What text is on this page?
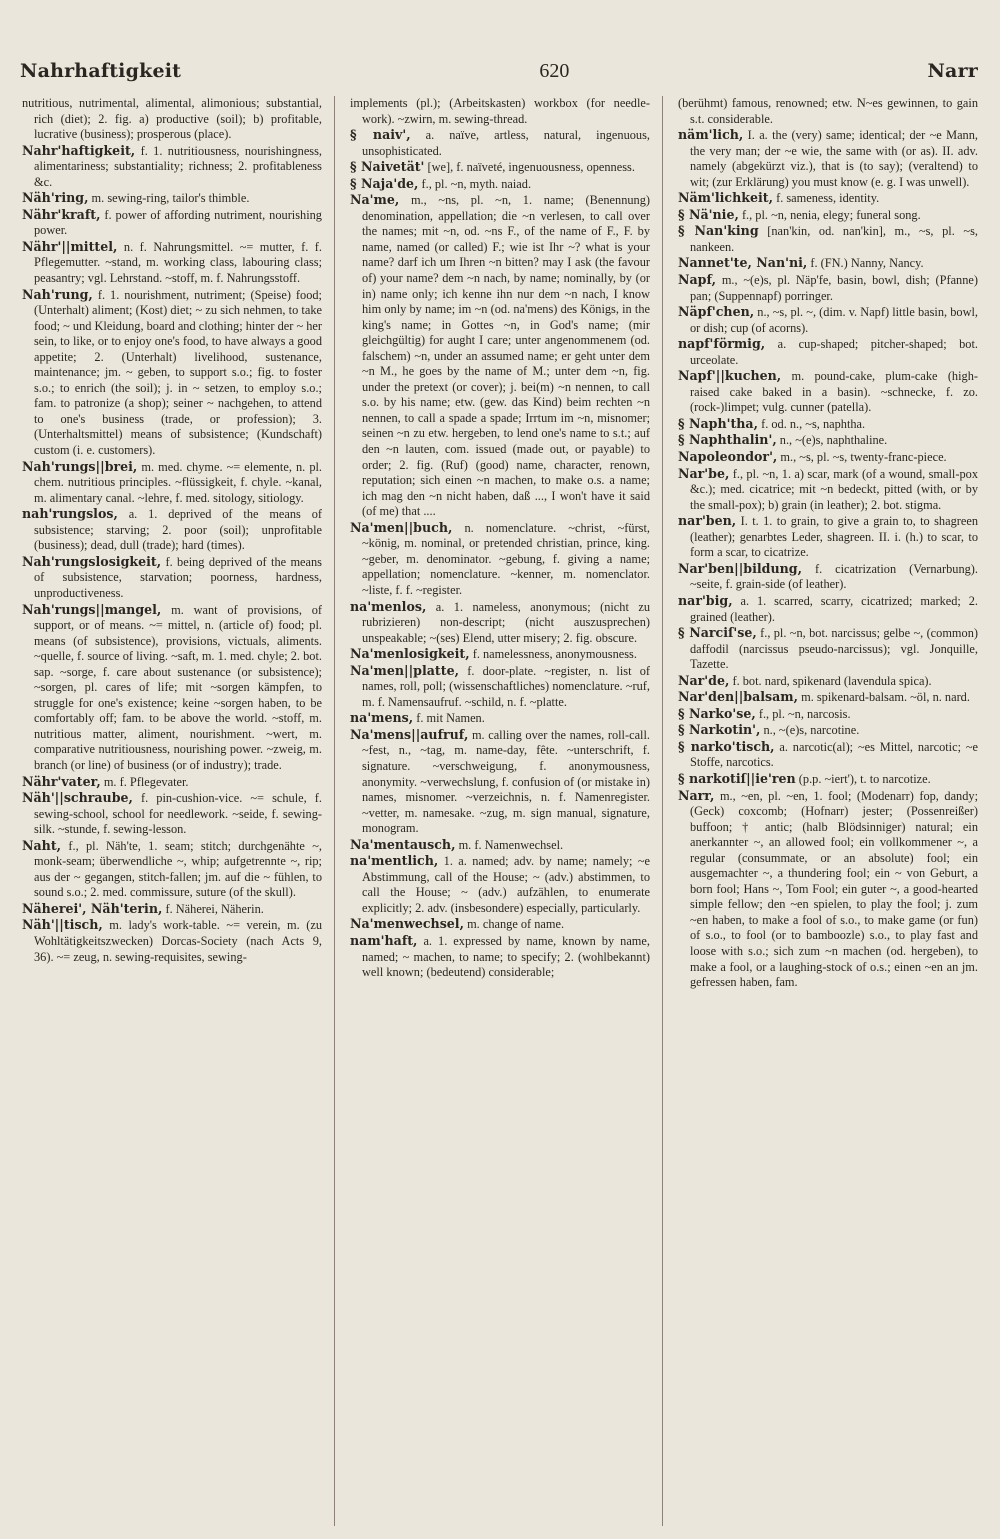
Nahrhaftigkeit	620	Narr

nutritious, nutrimental, alimental, alimonious; substantial, rich (diet); 2. fig. a) productive (soil); b) profitable, lucrative (business); prosperous (place).

Nahr'haftigkeit, f. 1. nutritiousness, nourishingness, alimentariness; substantiality; richness; 2. profitableness &c.

Näh'ring, m. sewing-ring, tailor's thimble.

Nähr'kraft, f. power of affording nutriment, nourishing power.

Nähr'||mittel, n. f. Nahrungsmittel. ~= mutter, f. f. Pflegemutter. ~stand, m. working class, labouring class; peasantry; vgl. Lehrstand. ~stoff, m. f. Nahrungsstoff.

Nah'rung, f. 1. nourishment, nutriment; (Speise) food; (Unterhalt) aliment; (Kost) diet; ~ zu sich nehmen, to take food; ~ und Kleidung, board and clothing; hinter der ~ her sein, to like, or to enjoy one's food, to have always a good appetite; 2. (Unterhalt) livelihood, sustenance, maintenance; jm. ~ geben, to support s.o.; fig. to foster s.o.; to enrich (the soil); j. in ~ setzen, to employ s.o.; fam. to patronize (a shop); seiner ~ nachgehen, to attend to one's business (trade, or profession); 3. (Unterhaltsmittel) means of subsistence; (Kundschaft) custom (i. e. customers).

Nah'rungs||brei, m. med. chyme. ~= elemente, n. pl. chem. nutritious principles. ~flüssigkeit, f. chyle. ~kanal, m. alimentary canal. ~lehre, f. med. sitology, sitiology.

nah'rungslos, a. 1. deprived of the means of subsistence; starving; 2. poor (soil); unprofitable (business); dead, dull (trade); hard (times).

Nah'rungslosigkeit, f. being deprived of the means of subsistence, starvation; poorness, hardness, unproductiveness.

Nah'rungs||mangel, m. want of provisions, of support, or of means. ~= mittel, n. (article of) food; pl. means (of subsistence), provisions, victuals, aliments. ~quelle, f. source of living. ~saft, m. 1. med. chyle; 2. bot. sap. ~sorge, f. care about sustenance (or subsistence); ~sorgen, pl. cares of life; mit ~sorgen kämpfen, to struggle for one's existence; keine ~sorgen haben, to be comfortably off; fam. to be above the world. ~stoff, m. nutritious matter, aliment, nourishment. ~wert, m. comparative nutritiousness, nourishing power. ~zweig, m. branch (or line) of business (or of industry); trade.

Nähr'vater, m. f. Pflegevater.

Näh'||schraube, f. pin-cushion-vice. ~= schule, f. sewing-school, school for needlework. ~seide, f. sewing-silk. ~stunde, f. sewing-lesson.

Naht, f., pl. Näh'te, 1. seam; stitch; durchgenähte ~, monk-seam; überwendliche ~, whip; aufgetrennte ~, rip; aus der ~ gegangen, stitch-fallen; jm. auf die ~ fühlen, to sound s.o.; 2. med. commissure, suture (of the skull).

Näherei', Näh'terin, f. Näherei, Näherin.

Näh'||tisch, m. lady's work-table. ~= verein, m. (zu Wohltätigkeitszwecken) Dorcas-Society (nach Acts 9, 36). ~= zeug, n. sewing-requisites, sewing-

implements (pl.); (Arbeitskasten) workbox (for needle-work). ~zwirn, m. sewing-thread.

§ naiv', a. naïve, artless, natural, ingenuous, unsophisticated.

§ Naivetät' [we], f. naïveté, ingenuousness, openness.

§ Naja'de, f., pl. ~n, myth. naiad.

Na'me, m., ~ns, pl. ~n, 1. name; (Benennung) denomination, appellation; die ~n verlesen, to call over the names; mit ~n, od. ~ns F., of the name of F., F. by name, named (or called) F.; wie ist Ihr ~? what is your name? darf ich um Ihren ~n bitten? may I ask (the favour of) your name? dem ~n nach, by name; nominally, by (or in) name only; ich kenne ihn nur dem ~n nach, I know him only by name; im ~n (od. na'mens) des Königs, in the king's name; in Gottes ~n, in God's name; (mir gleichgültig) for aught I care; unter angenommenem (od. falschem) ~n, under an assumed name; er geht unter dem ~n M., he goes by the name of M.; unter dem ~n, fig. under the pretext (or cover); j. bei(m) ~n nennen, to call s.o. by his name; etw. (gew. das Kind) beim rechten ~n nennen, to call a spade a spade; Irrtum im ~n, misnomer; seinen ~n zu etw. hergeben, to lend one's name to s.t.; auf den ~n lauten, com. issued (made out, or payable) to order; 2. fig. (Ruf) (good) name, character, renown, reputation; sich einen ~n machen, to make o.s. a name; ich mag den ~n nicht haben, daß ..., I won't have it said (of me) that ....

Na'men||buch, n. nomenclature. ~christ, ~fürst, ~könig, m. nominal, or pretended christian, prince, king. ~geber, m. denominator. ~gebung, f. giving a name; appellation; nomenclature. ~kenner, m. nomenclator. ~liste, f. f. ~register.

na'menlos, a. 1. nameless, anonymous; (nicht zu rubrizieren) non-descript; (nicht auszusprechen) unspeakable; ~(ses) Elend, utter misery; 2. fig. obscure.

Na'menlosigkeit, f. namelessness, anonymousness.

Na'men||platte, f. door-plate. ~register, n. list of names, roll, poll; (wissenschaftliches) nomenclature. ~ruf, m. f. Namensaufruf. ~schild, n. f. ~platte.

na'mens, f. mit Namen.

Na'mens||aufruf, m. calling over the names, roll-call. ~fest, n., ~tag, m. name-day, fête. ~unterschrift, f. signature. ~verschweigung, f. anonymousness, anonymity. ~verwechslung, f. confusion of (or mistake in) names, misnomer. ~verzeichnis, n. f. Namenregister. ~vetter, m. namesake. ~zug, m. sign manual, signature, monogram.

Na'mentausch, m. f. Namenwechsel.

na'mentlich, 1. a. named; adv. by name; namely; ~e Abstimmung, call of the House; ~ (adv.) abstimmen, to call the House; ~ (adv.) aufzählen, to enumerate explicitly; 2. adv. (insbesondere) especially, particularly.

Na'menwechsel, m. change of name.

nam'haft, a. 1. expressed by name, known by name, named; ~ machen, to name; to specify; 2. (wohlbekannt) well known; (bedeutend) considerable;

(berühmt) famous, renowned; etw. N~es gewinnen, to gain s.t. considerable.

näm'lich, I. a. the (very) same; identical; der ~e Mann, the very man; der ~e wie, the same with (or as). II. adv. namely (abgekürzt viz.), that is (to say); (veraltend) to wit; (zur Erklärung) you must know (e. g. I was unwell).

Näm'lichkeit, f. sameness, identity.

§ Nä'nie, f., pl. ~n, nenia, elegy; funeral song.

§ Nan'king [nan'kin, od. nan'kin], m., ~s, pl. ~s, nankeen.

Nannet'te, Nan'ni, f. (FN.) Nanny, Nancy.

Napf, m., ~(e)s, pl. Näp'fe, basin, bowl, dish; (Pfanne) pan; (Suppennapf) porringer.

Näpf'chen, n., ~s, pl. ~, (dim. v. Napf) little basin, bowl, or dish; cup (of acorns).

napf'förmig, a. cup-shaped; pitcher-shaped; bot. urceolate.

Napf'||kuchen, m. pound-cake, plum-cake (high-raised cake baked in a basin). ~schnecke, f. zo. (rock-)limpet; vulg. cunner (patella).

§ Naph'tha, f. od. n., ~s, naphtha.

§ Naphthalin', n., ~(e)s, naphthaline.

Napoleondor', m., ~s, pl. ~s, twenty-franc-piece.

Nar'be, f., pl. ~n, 1. a) scar, mark (of a wound, small-pox &c.); med. cicatrice; mit ~n bedeckt, pitted (with, or by the small-pox); b) grain (in leather); 2. bot. stigma.

nar'ben, I. t. 1. to grain, to give a grain to, to shagreen (leather); genarbtes Leder, shagreen. II. i. (h.) to scar, to form a scar, to cicatrize.

Nar'ben||bildung, f. cicatrization (Vernarbung). ~seite, f. grain-side (of leather).

nar'big, a. 1. scarred, scarry, cicatrized; marked; 2. grained (leather).

§ Narciſ'se, f., pl. ~n, bot. narcissus; gelbe ~, (common) daffodil (narcissus pseudo-narcissus); vgl. Jonquille, Tazette.

Nar'de, f. bot. nard, spikenard (lavendula spica).

Nar'den||balsam, m. spikenard-balsam. ~öl, n. nard.

§ Narko'se, f., pl. ~n, narcosis.

§ Narkotin', n., ~(e)s, narcotine.

§ narko'tisch, a. narcotic(al); ~es Mittel, narcotic; ~e Stoffe, narcotics.

§ narkotiſ||ie'ren (p.p. ~iert'), t. to narcotize.

Narr, m., ~en, pl. ~en, 1. fool; (Modenarr) fop, dandy; (Geck) coxcomb; (Hofnarr) jester; (Possenreißer) buffoon; † antic; (halb Blödsinniger) natural; ein anerkannter ~, an allowed fool; ein vollkommener ~, a regular (consummate, or an absolute) fool; ein ausgemachter ~, a thundering fool; ein ~ von Geburt, a born fool; Hans ~, Tom Fool; ein guter ~, a good-hearted simple fellow; den ~en spielen, to play the fool; j. zum ~en haben, to make a fool of s.o., to make game (or fun) of s.o., to fool (or to bamboozle) s.o., to play fast and loose with s.o.; sich zum ~n machen (od. hergeben), to make a fool, or a laughing-stock of o.s.; einen ~en an jm. gefressen haben, fam.
